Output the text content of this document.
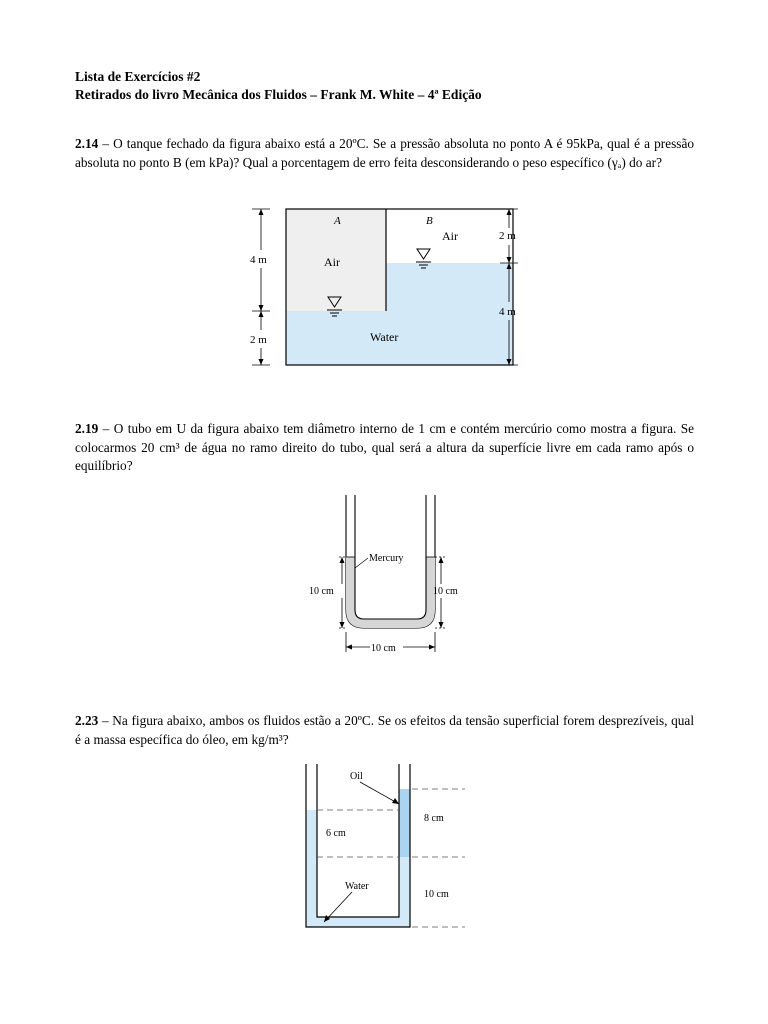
Lista de Exercícios #2
Retirados do livro Mecânica dos Fluidos – Frank M. White – 4ª Edição
2.14 – O tanque fechado da figura abaixo está a 20ºC. Se a pressão absoluta no ponto A é 95kPa, qual é a pressão absoluta no ponto B (em kPa)? Qual a porcentagem de erro feita desconsiderando o peso específico (γₐ) do ar?
A	B
Air
Air
Water
4 m
2 m
2 m
4 m
2.19 – O tubo em U da figura abaixo tem diâmetro interno de 1 cm e contém mercúrio como mostra a figura. Se colocarmos 20 cm³ de água no ramo direito do tubo, qual será a altura da superfície livre em cada ramo após o equilíbrio?
Mercury
10 cm	10 cm
10 cm
2.23 – Na figura abaixo, ambos os fluidos estão a 20ºC. Se os efeitos da tensão superficial forem desprezíveis, qual é a massa específica do óleo, em kg/m³?
Oil
Water
6 cm
8 cm
10 cm
